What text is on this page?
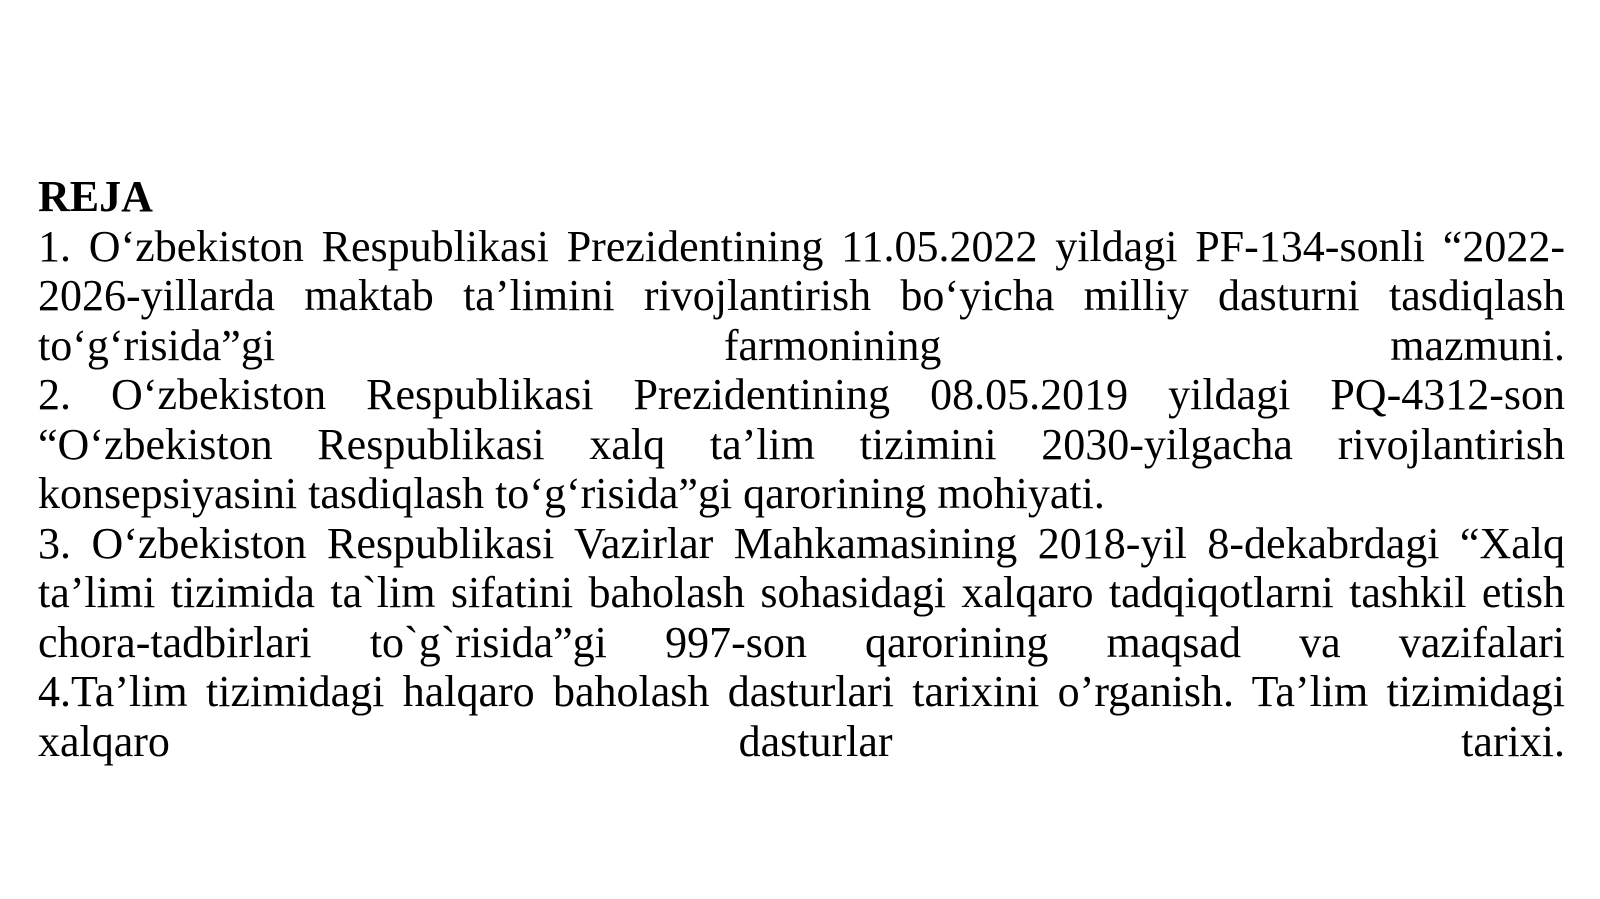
REJA

1. O‘zbekiston Respublikasi Prezidentining 11.05.2022 yildagi PF-134-sonli “2022-2026-yillarda maktab ta’limini rivojlantirish bo‘yicha milliy dasturni tasdiqlash to‘g‘risida”gi farmonining mazmuni.

2. O‘zbekiston Respublikasi Prezidentining 08.05.2019 yildagi PQ-4312-son “O‘zbekiston Respublikasi xalq ta’lim tizimini 2030-yilgacha rivojlantirish konsepsiyasini tasdiqlash to‘g‘risida”gi qarorining mohiyati.

3. O‘zbekiston Respublikasi Vazirlar Mahkamasining 2018-yil 8-dekabrdagi “Xalq ta’limi tizimida ta`lim sifatini baholash sohasidagi xalqaro tadqiqotlarni tashkil etish chora-tadbirlari to`g`risida”gi 997-son qarorining maqsad va vazifalari

4.Ta’lim tizimidagi halqaro baholash dasturlari tarixini o’rganish. Ta’lim tizimidagi xalqaro dasturlar tarixi.
